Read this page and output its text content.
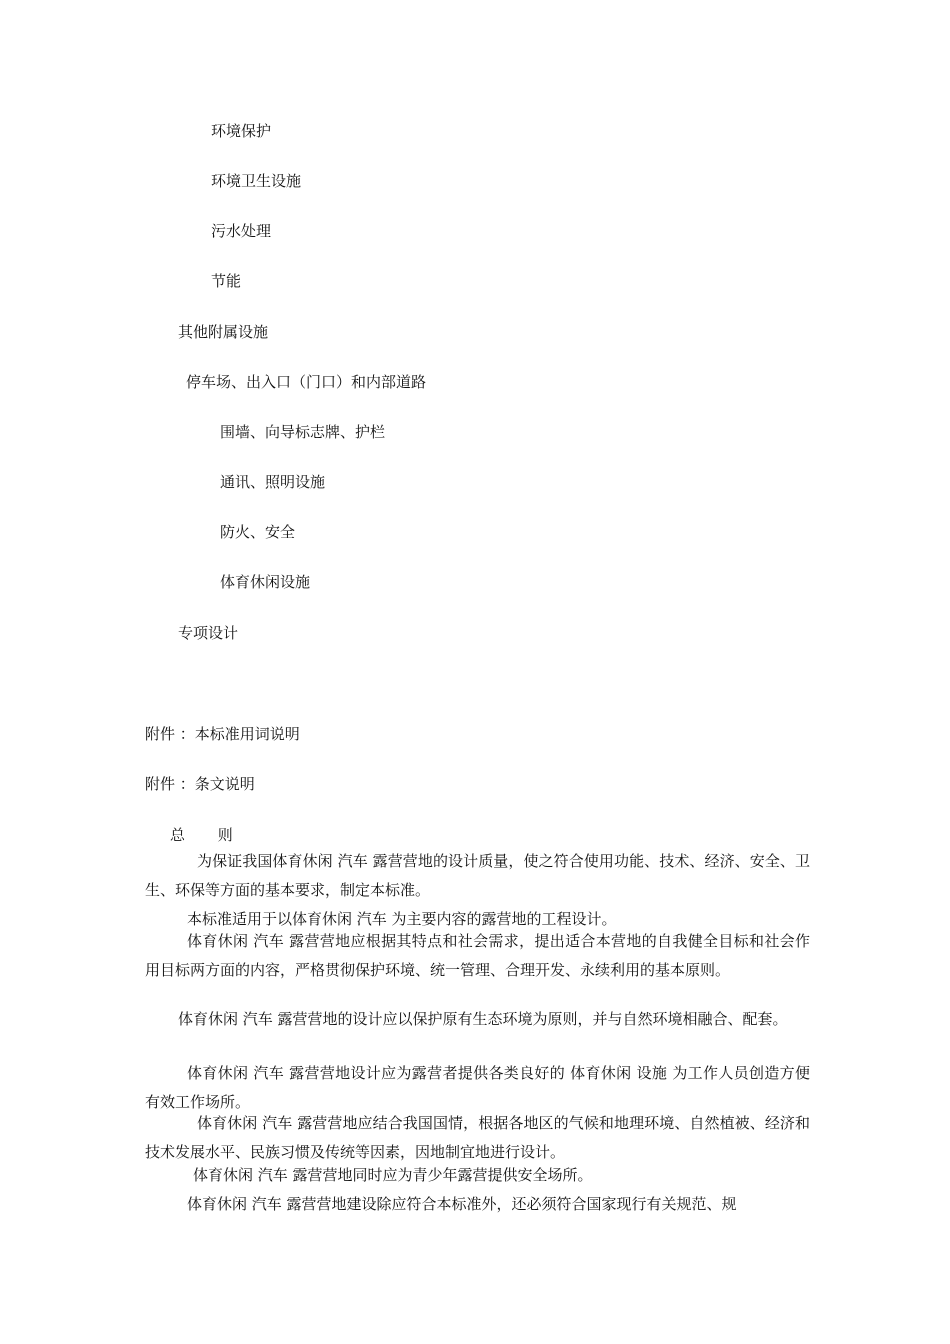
环境保护
环境卫生设施
污水处理
节能
其他附属设施
停车场、出入口（门口）和内部道路
围墙、向导标志牌、护栏
通讯、照明设施
防火、安全
体育休闲设施
专项设计
附件 ：本标准用词说明
附件 ：条文说明
总 则

为保证我国体育休闲 汽车 露营营地的设计质量，使之符合使用功能、技术、经济、安全、卫生、环保等方面的基本要求，制定本标准。

本标准适用于以体育休闲 汽车 为主要内容的露营地的工程设计。

体育休闲 汽车 露营营地应根据其特点和社会需求，提出适合本营地的自我健全目标和社会作用目标两方面的内容，严格贯彻保护环境、统一管理、合理开发、永续利用的基本原则。

体育休闲 汽车 露营营地的设计应以保护原有生态环境为原则，并与自然环境相融合、配套。

体育休闲 汽车 露营营地设计应为露营者提供各类良好的 体育休闲 设施 为工作人员创造方便有效工作场所。

体育休闲 汽车 露营营地应结合我国国情，根据各地区的气候和地理环境、自然植被、经济和技术发展水平、民族习惯及传统等因素，因地制宜地进行设计。

体育休闲 汽车 露营营地同时应为青少年露营提供安全场所。

体育休闲 汽车 露营营地建设除应符合本标准外，还必须符合国家现行有关规范、规
